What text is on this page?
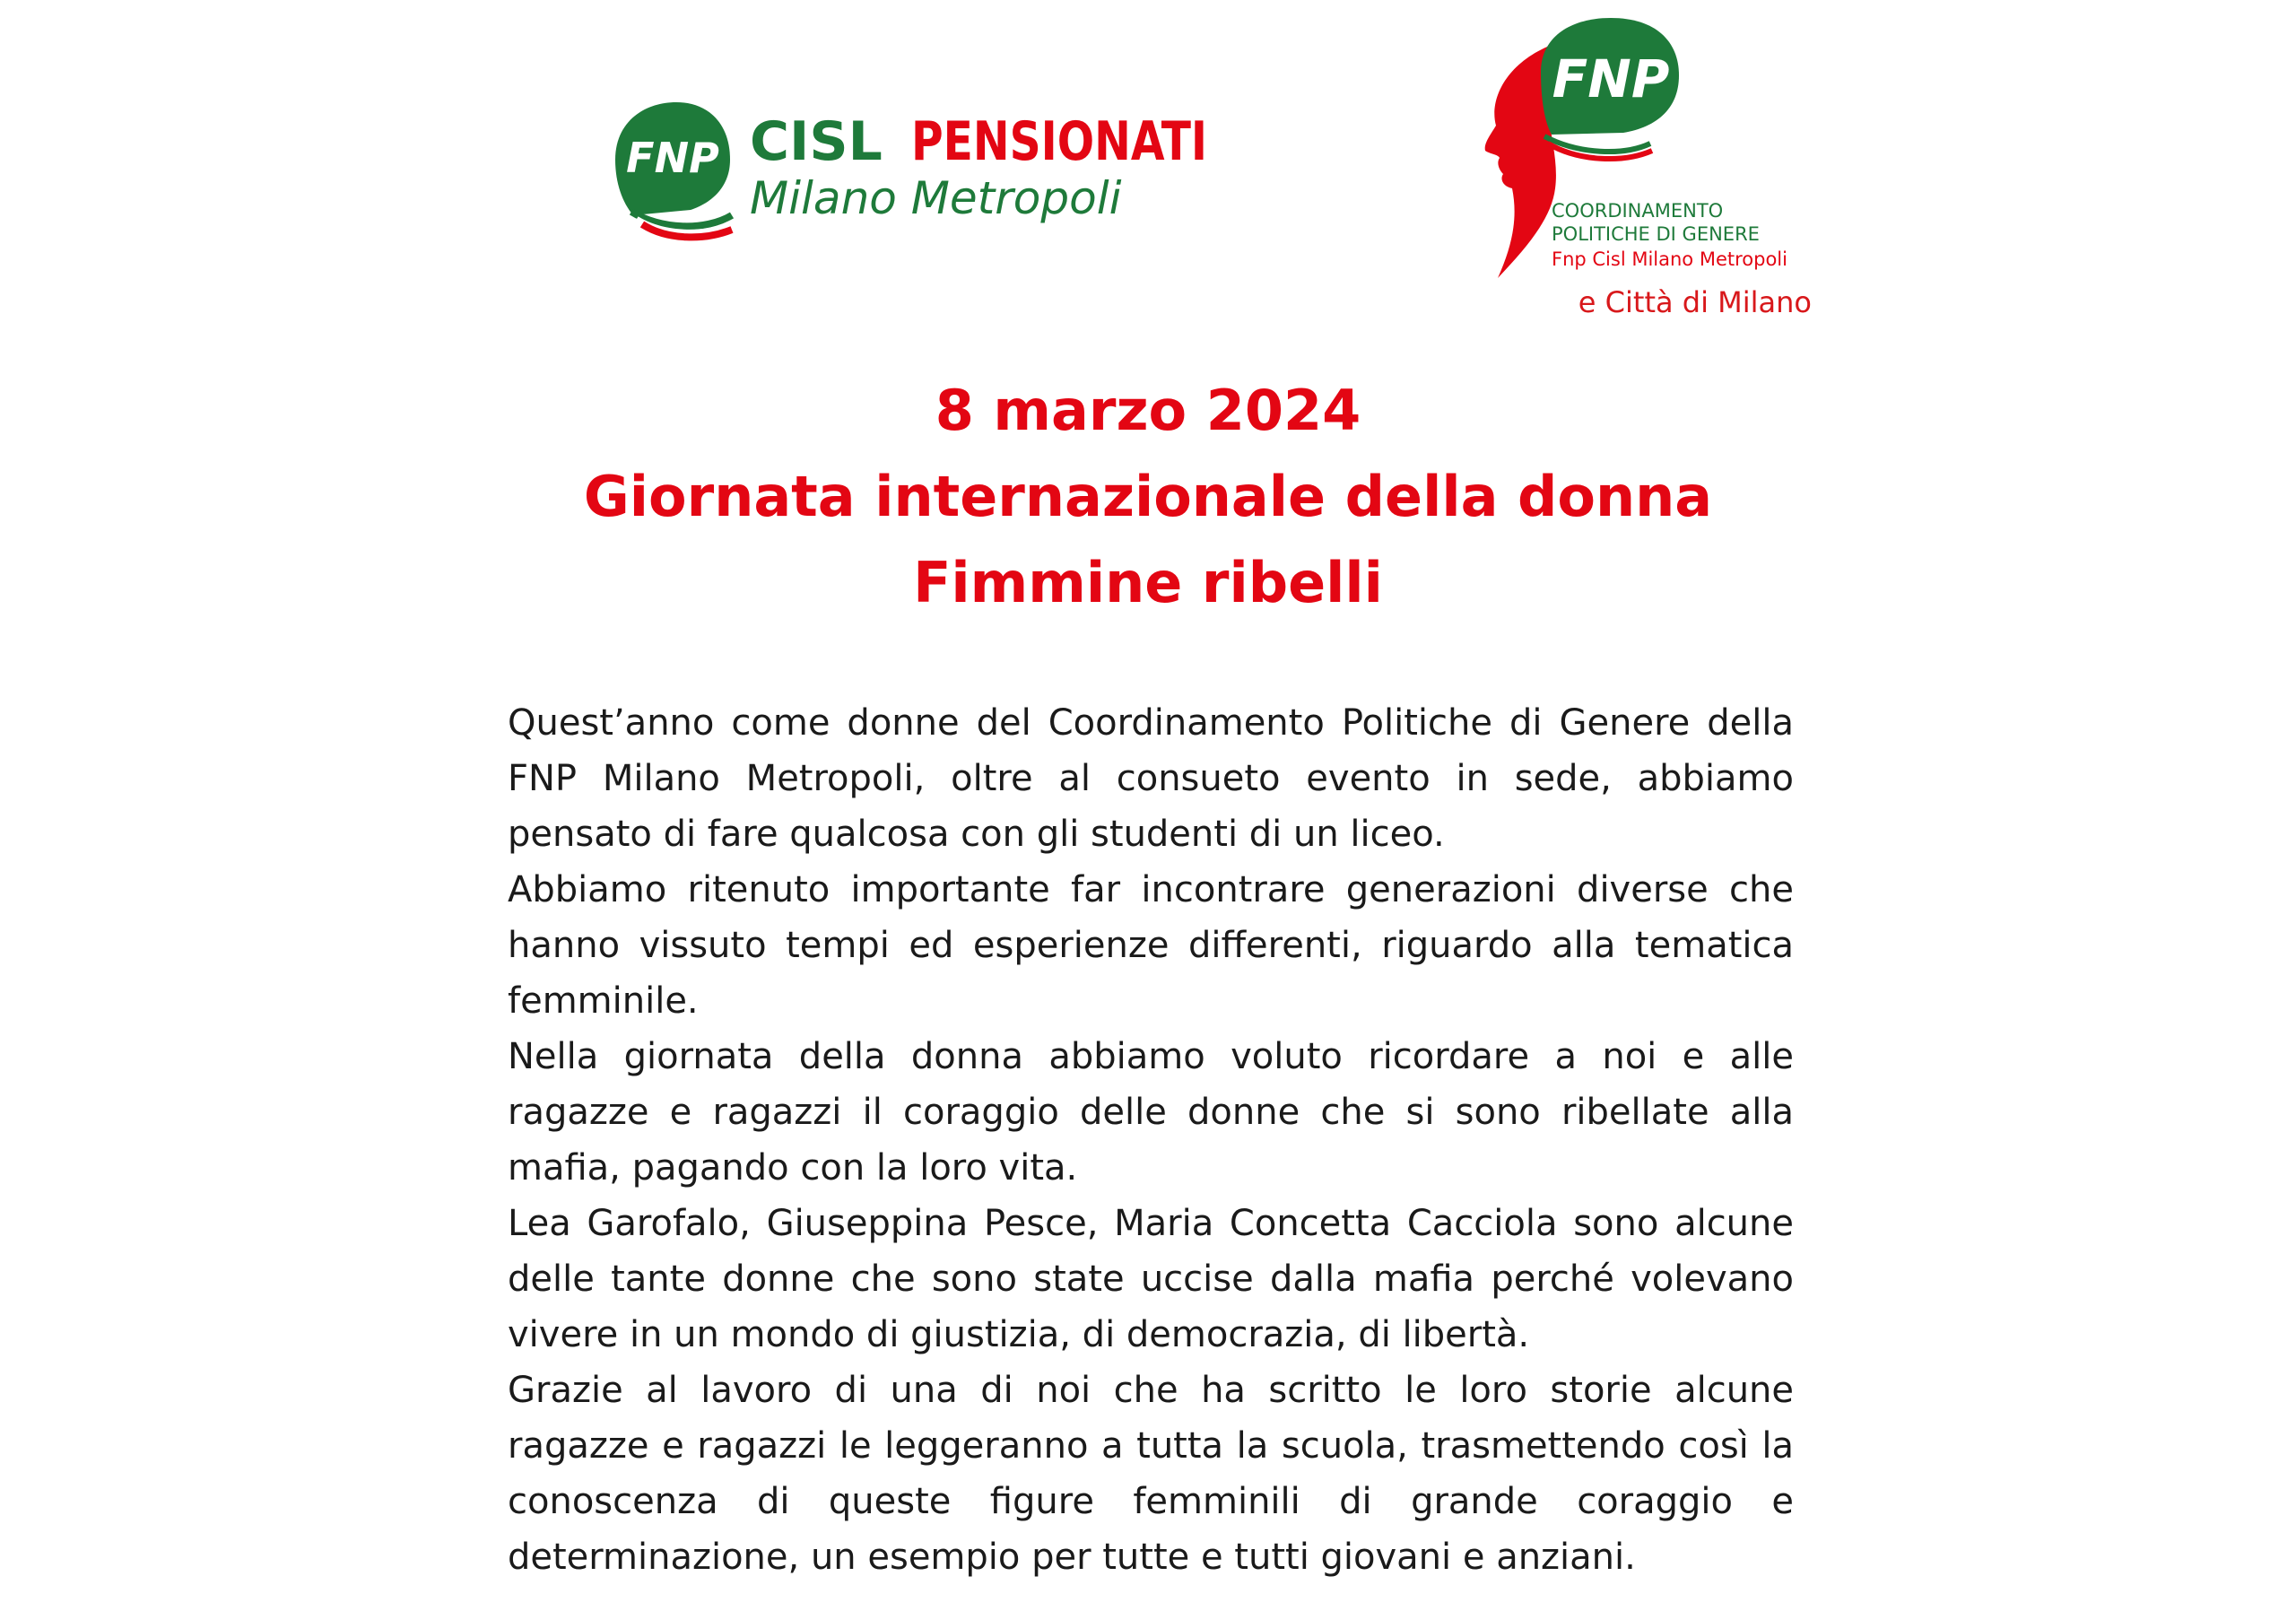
FNP CISL PENSIONATI
Milano Metropoli
FNP
COORDINAMENTO
POLITICHE DI GENERE
Fnp Cisl Milano Metropoli
e Città di Milano
8 marzo 2024
Giornata internazionale della donna
Fimmine ribelli

Quest’anno come donne del Coordinamento Politiche di Genere della FNP Milano Metropoli, oltre al consueto evento in sede, abbiamo pensato di fare qualcosa con gli studenti di un liceo.

Abbiamo ritenuto importante far incontrare generazioni diverse che hanno vissuto tempi ed esperienze differenti, riguardo alla tematica femminile.

Nella giornata della donna abbiamo voluto ricordare a noi e alle ragazze e ragazzi il coraggio delle donne che si sono ribellate alla mafia, pagando con la loro vita.

Lea Garofalo, Giuseppina Pesce, Maria Concetta Cacciola sono alcune delle tante donne che sono state uccise dalla mafia perché volevano vivere in un mondo di giustizia, di democrazia, di libertà.

Grazie al lavoro di una di noi che ha scritto le loro storie alcune ragazze e ragazzi le leggeranno a tutta la scuola, trasmettendo così la conoscenza di queste figure femminili di grande coraggio e determinazione, un esempio per tutte e tutti giovani e anziani.
